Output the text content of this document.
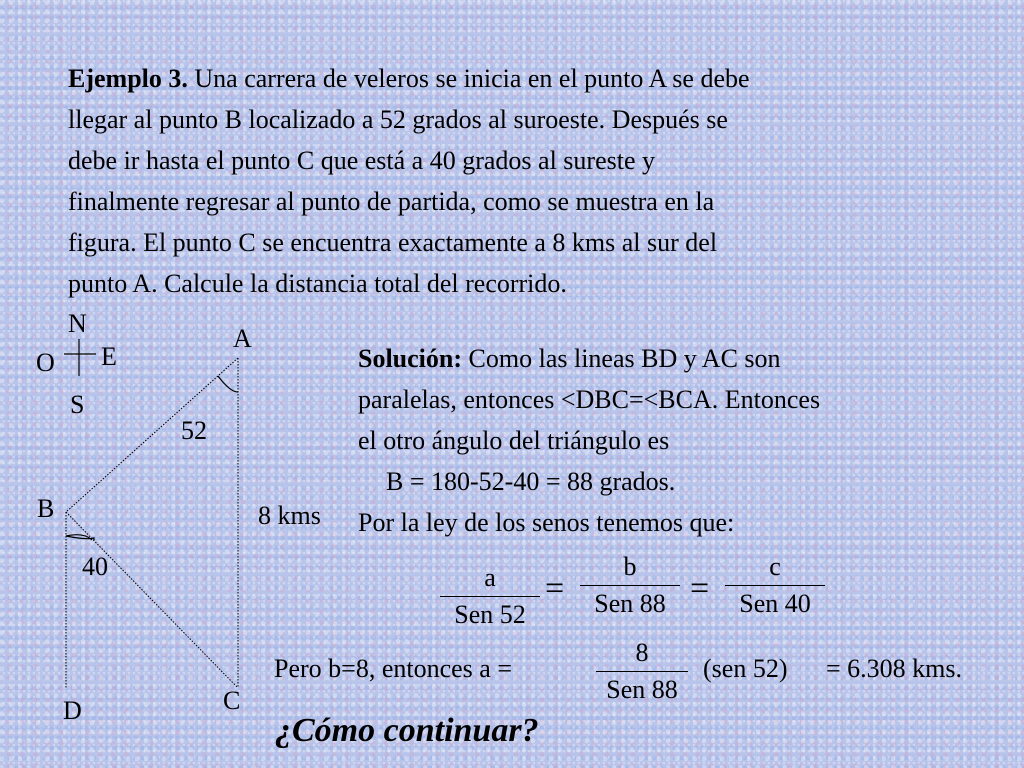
Ejemplo 3. Una carrera de veleros se inicia en el punto A se debe
llegar al punto B localizado a 52 grados al suroeste. Después se
debe ir hasta el punto C que está a 40 grados al sureste y
finalmente regresar al punto de partida, como se muestra en la
figura. El punto C se encuentra exactamente a 8 kms al sur del
punto A. Calcule la distancia total del recorrido.
N
O E
S
A
B
C
D
52
40
8 kms
Solución: Como las lineas BD y AC son
paralelas, entonces <DBC=<BCA. Entonces
el otro ángulo del triángulo es
B = 180-52-40 = 88 grados.
Por la ley de los senos tenemos que:
a
Sen 52
=
b
Sen 88 =
c
Sen 40
Pero b=8, entonces a =
8
Sen 88
(sen 52) = 6.308 kms.
¿Cómo continuar?
